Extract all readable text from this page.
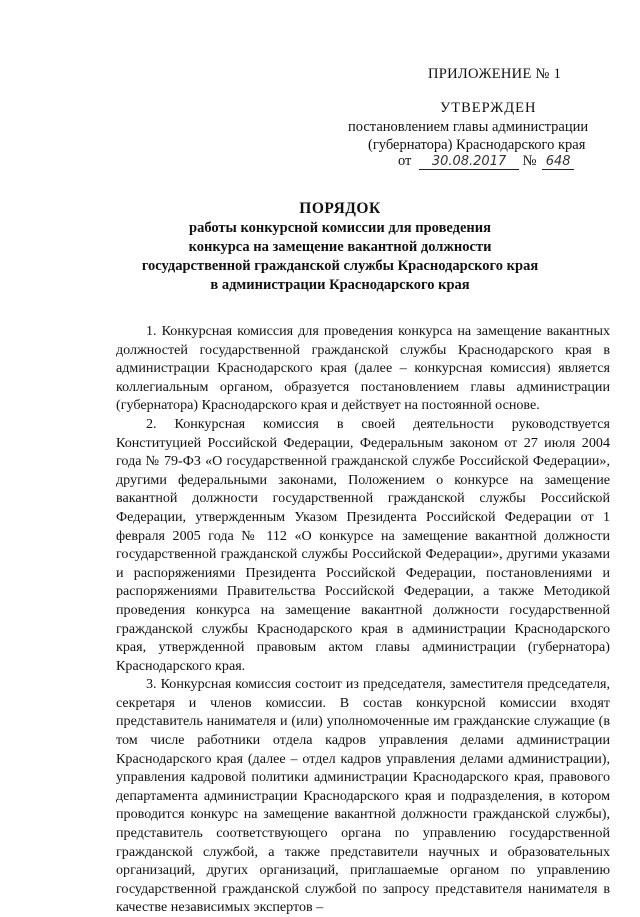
ПРИЛОЖЕНИЕ № 1
УТВЕРЖДЕН
постановлением главы администрации
(губернатора) Краснодарского края
от 30.08.2017 № 648
ПОРЯДОК
работы конкурсной комиссии для проведения
конкурса на замещение вакантной должности
государственной гражданской службы Краснодарского края
в администрации Краснодарского края

1. Конкурсная комиссия для проведения конкурса на замещение вакантных должностей государственной гражданской службы Краснодарского края в администрации Краснодарского края (далее – конкурсная комиссия) является коллегиальным органом, образуется постановлением главы администрации (губернатора) Краснодарского края и действует на постоянной основе.

2. Конкурсная комиссия в своей деятельности руководствуется Конституцией Российской Федерации, Федеральным законом от 27 июля 2004 года № 79-ФЗ «О государственной гражданской службе Российской Федерации», другими федеральными законами, Положением о конкурсе на замещение вакантной должности государственной гражданской службы Российской Федерации, утвержденным Указом Президента Российской Федерации от 1 февраля 2005 года № 112 «О конкурсе на замещение вакантной должности государственной гражданской службы Российской Федерации», другими указами и распоряжениями Президента Российской Федерации, постановлениями и распоряжениями Правительства Российской Федерации, а также Методикой проведения конкурса на замещение вакантной должности государственной гражданской службы Краснодарского края в администрации Краснодарского края, утвержденной правовым актом главы администрации (губернатора) Краснодарского края.

3. Конкурсная комиссия состоит из председателя, заместителя председателя, секретаря и членов комиссии. В состав конкурсной комиссии входят представитель нанимателя и (или) уполномоченные им гражданские служащие (в том числе работники отдела кадров управления делами администрации Краснодарского края (далее – отдел кадров управления делами администрации), управления кадровой политики администрации Краснодарского края, правового департамента администрации Краснодарского края и подразделения, в котором проводится конкурс на замещение вакантной должности гражданской службы), представитель соответствующего органа по управлению государственной гражданской службой, а также представители научных и образовательных организаций, других организаций, приглашаемые органом по управлению государственной гражданской службой по запросу представителя нанимателя в качестве независимых экспертов –
